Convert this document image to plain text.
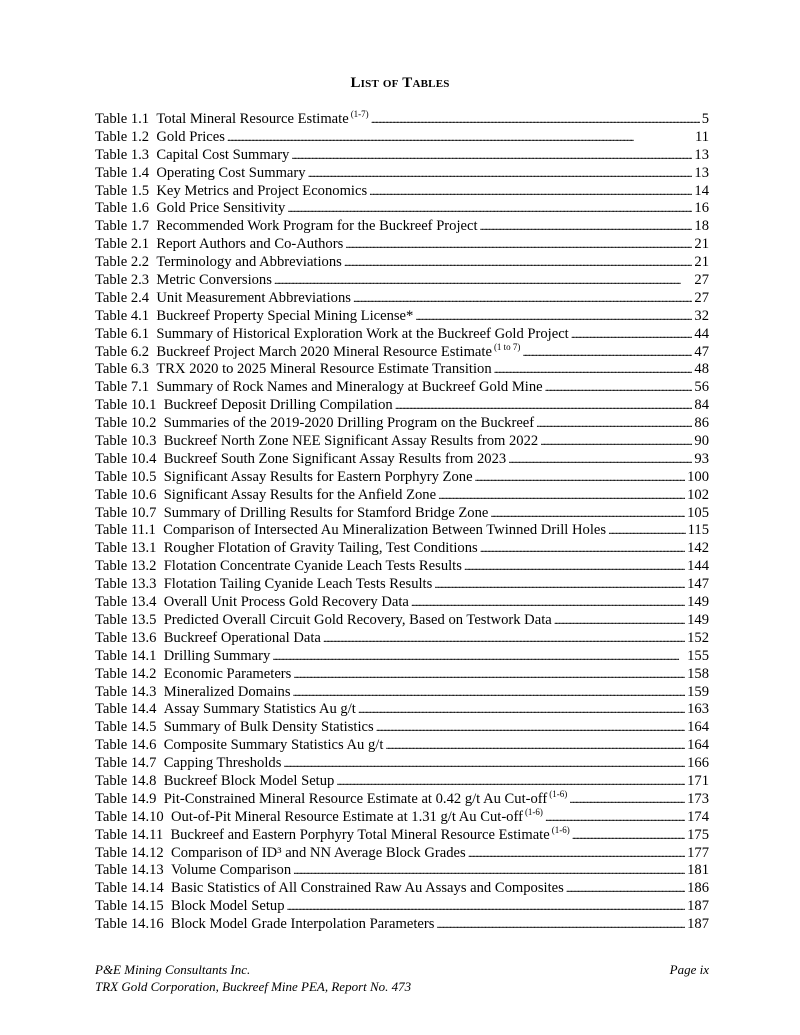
List of Tables
Table 1.1 Total Mineral Resource Estimate $^{(1-7)}$ . . .	5
Table 1.2 Gold Prices . . .	11
Table 1.3 Capital Cost Summary . . .	13
Table 1.4 Operating Cost Summary . . .	13
Table 1.5 Key Metrics and Project Economics . . .	14
Table 1.6 Gold Price Sensitivity . . .	16
Table 1.7 Recommended Work Program for the Buckreef Project . . .	18
Table 2.1 Report Authors and Co-Authors . . .	21
Table 2.2 Terminology and Abbreviations . . .	21
Table 2.3 Metric Conversions . . .	27
Table 2.4 Unit Measurement Abbreviations . . .	27
Table 4.1 Buckreef Property Special Mining License* . . .	32
Table 6.1 Summary of Historical Exploration Work at the Buckreef Gold Project . . .	44
Table 6.2 Buckreef Project March 2020 Mineral Resource Estimate $^{(1 to 7)}$ . . .	47
Table 6.3 TRX 2020 to 2025 Mineral Resource Estimate Transition . . .	48
Table 7.1 Summary of Rock Names and Mineralogy at Buckreef Gold Mine . . .	56
Table 10.1 Buckreef Deposit Drilling Compilation . . .	84
Table 10.2 Summaries of the 2019-2020 Drilling Program on the Buckreef . . .	86
Table 10.3 Buckreef North Zone NEE Significant Assay Results from 2022 . . .	90
Table 10.4 Buckreef South Zone Significant Assay Results from 2023 . . .	93
Table 10.5 Significant Assay Results for Eastern Porphyry Zone . . .	100
Table 10.6 Significant Assay Results for the Anfield Zone . . .	102
Table 10.7 Summary of Drilling Results for Stamford Bridge Zone . . .	105
Table 11.1 Comparison of Intersected Au Mineralization Between Twinned Drill Holes . . .	115
Table 13.1 Rougher Flotation of Gravity Tailing, Test Conditions . . .	142
Table 13.2 Flotation Concentrate Cyanide Leach Tests Results . . .	144
Table 13.3 Flotation Tailing Cyanide Leach Tests Results . . .	147
Table 13.4 Overall Unit Process Gold Recovery Data . . .	149
Table 13.5 Predicted Overall Circuit Gold Recovery, Based on Testwork Data . . .	149
Table 13.6 Buckreef Operational Data . . .	152
Table 14.1 Drilling Summary . . .	155
Table 14.2 Economic Parameters . . .	158
Table 14.3 Mineralized Domains . . .	159
Table 14.4 Assay Summary Statistics Au g/t . . .	163
Table 14.5 Summary of Bulk Density Statistics . . .	164
Table 14.6 Composite Summary Statistics Au g/t . . .	164
Table 14.7 Capping Thresholds . . .	166
Table 14.8 Buckreef Block Model Setup . . .	171
Table 14.9 Pit-Constrained Mineral Resource Estimate at 0.42 g/t Au Cut-off $^{(1-6)}$ . . .	173
Table 14.10 Out-of-Pit Mineral Resource Estimate at 1.31 g/t Au Cut-off $^{(1-6)}$ . . .	174
Table 14.11 Buckreef and Eastern Porphyry Total Mineral Resource Estimate $^{(1-6)}$ . . .	175
Table 14.12 Comparison of ID³ and NN Average Block Grades . . .	177
Table 14.13 Volume Comparison . . .	181
Table 14.14 Basic Statistics of All Constrained Raw Au Assays and Composites . . .	186
Table 14.15 Block Model Setup . . .	187
Table 14.16 Block Model Grade Interpolation Parameters . . .	187
P&E Mining Consultants Inc.	Page ix
TRX Gold Corporation, Buckreef Mine PEA, Report No. 473
